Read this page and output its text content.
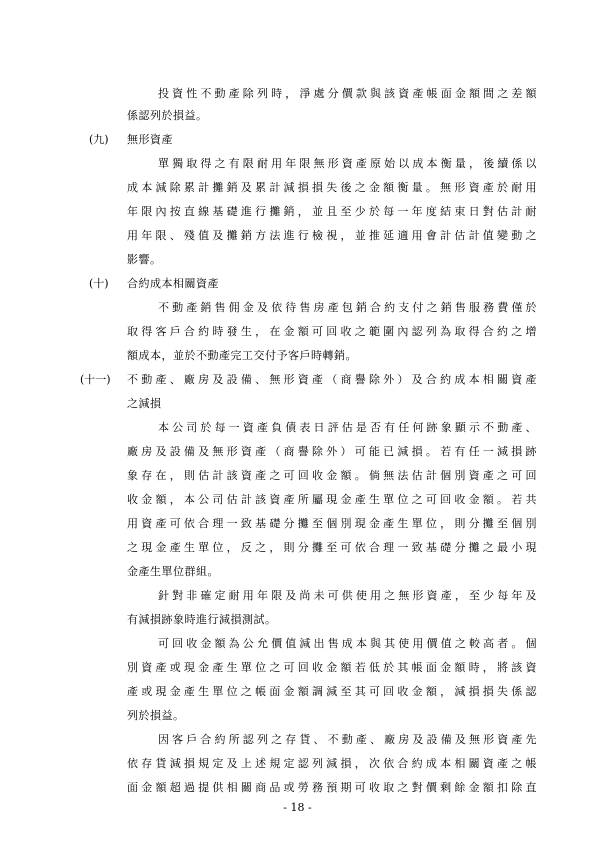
投資性不動產除列時，淨處分價款與該資產帳面金額間之差額
係認列於損益。
(九)	無形資產
單獨取得之有限耐用年限無形資產原始以成本衡量，後續係以
成本減除累計攤銷及累計減損損失後之金額衡量。無形資產於耐用
年限內按直線基礎進行攤銷，並且至少於每一年度結束日對估計耐
用年限、殘值及攤銷方法進行檢視，並推延適用會計估計值變動之
影響。
(十)	合約成本相關資產
不動產銷售佣金及依待售房產包銷合約支付之銷售服務費僅於
取得客戶合約時發生，在金額可回收之範圍內認列為取得合約之增
額成本，並於不動產完工交付予客戶時轉銷。
(十一)	不動產、廠房及設備、無形資產（商譽除外）及合約成本相關資產
之減損
本公司於每一資產負債表日評估是否有任何跡象顯示不動產、
廠房及設備及無形資產（商譽除外）可能已減損。若有任一減損跡
象存在，則估計該資產之可回收金額。倘無法估計個別資產之可回
收金額，本公司估計該資產所屬現金產生單位之可回收金額。若共
用資產可依合理一致基礎分攤至個別現金產生單位，則分攤至個別
之現金產生單位，反之，則分攤至可依合理一致基礎分攤之最小現
金產生單位群組。
針對非確定耐用年限及尚未可供使用之無形資產，至少每年及
有減損跡象時進行減損測試。
可回收金額為公允價值減出售成本與其使用價值之較高者。個
別資產或現金產生單位之可回收金額若低於其帳面金額時，將該資
產或現金產生單位之帳面金額調減至其可回收金額，減損損失係認
列於損益。
因客戶合約所認列之存貨、不動產、廠房及設備及無形資產先
依存貨減損規定及上述規定認列減損，次依合約成本相關資產之帳
面金額超過提供相關商品或勞務預期可收取之對價剩餘金額扣除直
- 18 -
